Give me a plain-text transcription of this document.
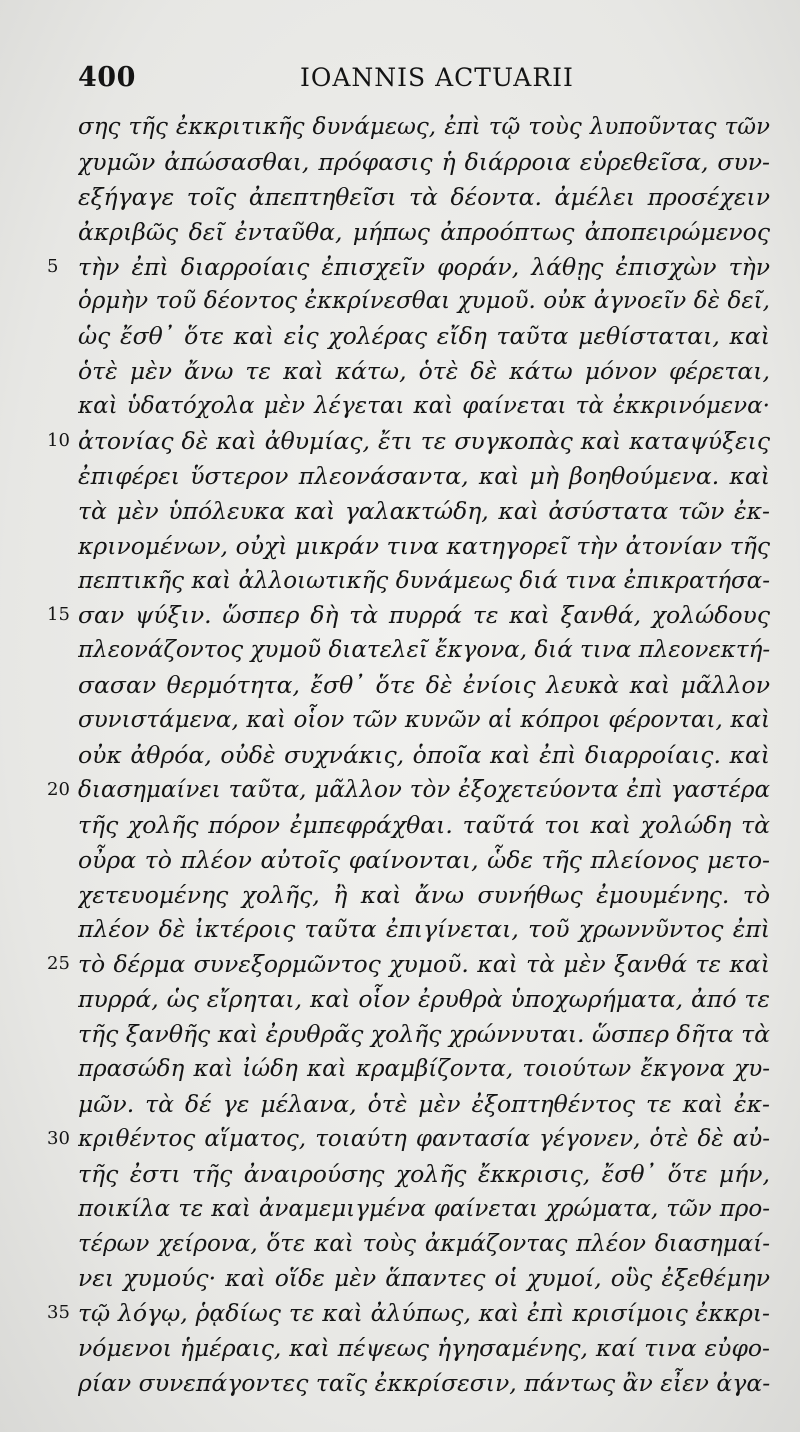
400	IOANNIS ACTUARII
σης τῆς ἐκκριτικῆς δυνάμεως, ἐπὶ τῷ τοὺς λυποῦντας τῶν
χυμῶν ἀπώσασθαι, πρόφασις ἡ διάρροια εὑρεθεῖσα, συν-
εξήγαγε τοῖς ἀπεπτηθεῖσι τὰ δέοντα. ἀμέλει προσέχειν
ἀκριβῶς δεῖ ἐνταῦθα, μήπως ἀπροόπτως ἀποπειρώμενος
5 τὴν ἐπὶ διαρροίαις ἐπισχεῖν φοράν, λάθῃς ἐπισχὼν τὴν
ὁρμὴν τοῦ δέοντος ἐκκρίνεσθαι χυμοῦ. οὐκ ἀγνοεῖν δὲ δεῖ,
ὡς ἔσθ᾽ ὅτε καὶ εἰς χολέρας εἴδη ταῦτα μεθίσταται, καὶ
ὁτὲ μὲν ἄνω τε καὶ κάτω, ὁτὲ δὲ κάτω μόνον φέρεται,
καὶ ὑδατόχολα μὲν λέγεται καὶ φαίνεται τὰ ἐκκρινόμενα·
10 ἀτονίας δὲ καὶ ἀθυμίας, ἔτι τε συγκοπὰς καὶ καταψύξεις
ἐπιφέρει ὕστερον πλεονάσαντα, καὶ μὴ βοηθούμενα. καὶ
τὰ μὲν ὑπόλευκα καὶ γαλακτώδη, καὶ ἀσύστατα τῶν ἐκ-
κρινομένων, οὐχὶ μικράν τινα κατηγορεῖ τὴν ἀτονίαν τῆς
πεπτικῆς καὶ ἀλλοιωτικῆς δυνάμεως διά τινα ἐπικρατήσα-
15 σαν ψύξιν. ὥσπερ δὴ τὰ πυρρά τε καὶ ξανθά, χολώδους
πλεονάζοντος χυμοῦ διατελεῖ ἔκγονα, διά τινα πλεονεκτή-
σασαν θερμότητα, ἔσθ᾽ ὅτε δὲ ἐνίοις λευκὰ καὶ μᾶλλον
συνιστάμενα, καὶ οἷον τῶν κυνῶν αἱ κόπροι φέρονται, καὶ
οὐκ ἀθρόα, οὐδὲ συχνάκις, ὁποῖα καὶ ἐπὶ διαρροίαις. καὶ
20 διασημαίνει ταῦτα, μᾶλλον τὸν ἐξοχετεύοντα ἐπὶ γαστέρα
τῆς χολῆς πόρον ἐμπεφράχθαι. ταῦτά τοι καὶ χολώδη τὰ
οὖρα τὸ πλέον αὐτοῖς φαίνονται, ὧδε τῆς πλείονος μετο-
χετευομένης χολῆς, ἢ καὶ ἄνω συνήθως ἐμουμένης. τὸ
πλέον δὲ ἰκτέροις ταῦτα ἐπιγίνεται, τοῦ χρωννῦντος ἐπὶ
25 τὸ δέρμα συνεξορμῶντος χυμοῦ. καὶ τὰ μὲν ξανθά τε καὶ
πυρρά, ὡς εἴρηται, καὶ οἷον ἐρυθρὰ ὑποχωρήματα, ἀπό τε
τῆς ξανθῆς καὶ ἐρυθρᾶς χολῆς χρώννυται. ὥσπερ δῆτα τὰ
πρασώδη καὶ ἰώδη καὶ κραμβίζοντα, τοιούτων ἔκγονα χυ-
μῶν. τὰ δέ γε μέλανα, ὁτὲ μὲν ἐξοπτηθέντος τε καὶ ἐκ-
30 κριθέντος αἵματος, τοιαύτη φαντασία γέγονεν, ὁτὲ δὲ αὐ-
τῆς ἐστι τῆς ἀναιρούσης χολῆς ἔκκρισις, ἔσθ᾽ ὅτε μήν,
ποικίλα τε καὶ ἀναμεμιγμένα φαίνεται χρώματα, τῶν προ-
τέρων χείρονα, ὅτε καὶ τοὺς ἀκμάζοντας πλέον διασημαί-
νει χυμούς· καὶ οἵδε μὲν ἅπαντες οἱ χυμοί, οὓς ἐξεθέμην
35 τῷ λόγῳ, ῥᾳδίως τε καὶ ἀλύπως, καὶ ἐπὶ κρισίμοις ἐκκρι-
νόμενοι ἡμέραις, καὶ πέψεως ἡγησαμένης, καί τινα εὐφο-
ρίαν συνεπάγοντες ταῖς ἐκκρίσεσιν, πάντως ἂν εἶεν ἀγα-
